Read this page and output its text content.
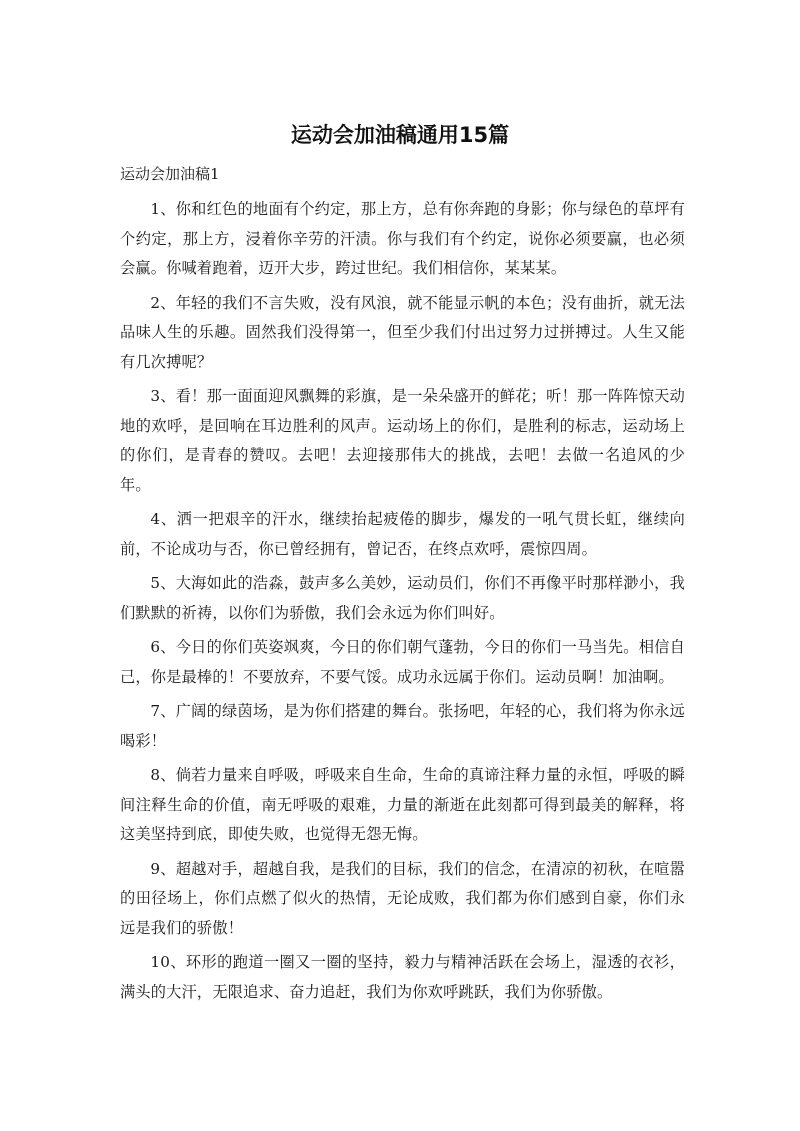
运动会加油稿通用15篇

运动会加油稿1

1、你和红色的地面有个约定，那上方，总有你奔跑的身影；你与绿色的草坪有个约定，那上方，浸着你辛劳的汗渍。你与我们有个约定，说你必须要赢，也必须会赢。你喊着跑着，迈开大步，跨过世纪。我们相信你，某某某。

2、年轻的我们不言失败，没有风浪，就不能显示帆的本色；没有曲折，就无法品味人生的乐趣。固然我们没得第一，但至少我们付出过努力过拼搏过。人生又能有几次搏呢？

3、看！那一面面迎风飘舞的彩旗，是一朵朵盛开的鲜花；听！那一阵阵惊天动地的欢呼，是回响在耳边胜利的风声。运动场上的你们，是胜利的标志，运动场上的你们，是青春的赞叹。去吧！去迎接那伟大的挑战，去吧！去做一名追风的少年。

4、洒一把艰辛的汗水，继续抬起疲倦的脚步，爆发的一吼气贯长虹，继续向前，不论成功与否，你已曾经拥有，曾记否，在终点欢呼，震惊四周。

5、大海如此的浩淼，鼓声多么美妙，运动员们，你们不再像平时那样渺小，我们默默的祈祷，以你们为骄傲，我们会永远为你们叫好。

6、今日的你们英姿飒爽，今日的你们朝气蓬勃，今日的你们一马当先。相信自己，你是最棒的！不要放弃，不要气馁。成功永远属于你们。运动员啊！加油啊。

7、广阔的绿茵场，是为你们搭建的舞台。张扬吧，年轻的心，我们将为你永远喝彩！

8、倘若力量来自呼吸，呼吸来自生命，生命的真谛注释力量的永恒，呼吸的瞬间注释生命的价值，南无呼吸的艰难，力量的渐逝在此刻都可得到最美的解释，将这美坚持到底，即使失败，也觉得无怨无悔。

9、超越对手，超越自我，是我们的目标，我们的信念，在清凉的初秋，在喧嚣的田径场上，你们点燃了似火的热情，无论成败，我们都为你们感到自豪，你们永远是我们的骄傲！

10、环形的跑道一圈又一圈的坚持，毅力与精神活跃在会场上，湿透的衣衫，满头的大汗，无限追求、奋力追赶，我们为你欢呼跳跃，我们为你骄傲。
